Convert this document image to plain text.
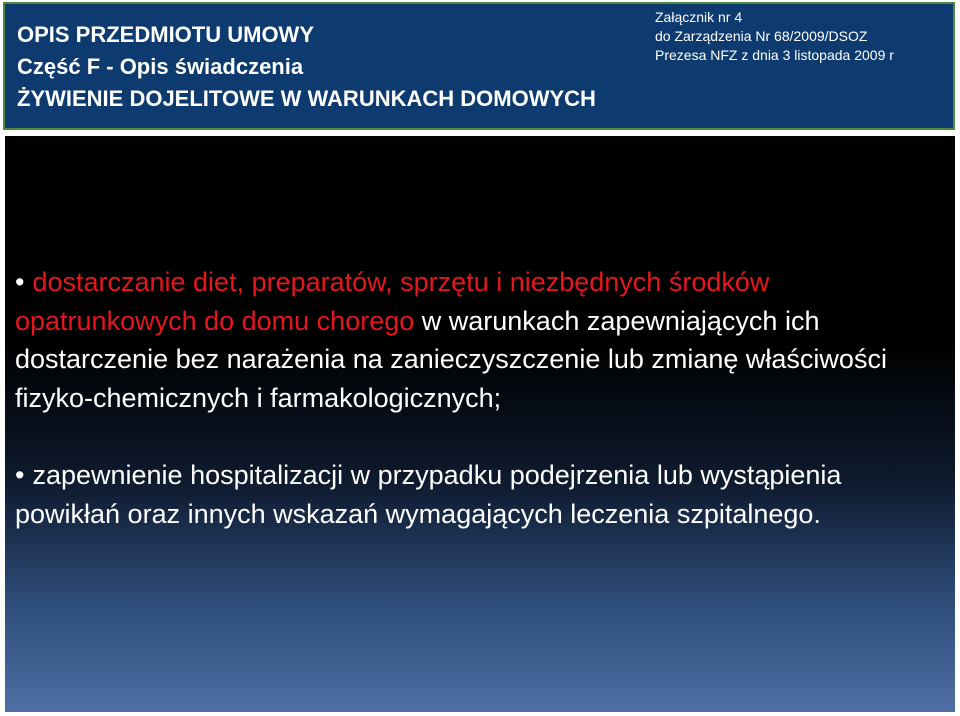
OPIS PRZEDMIOTU UMOWY
Część F - Opis świadczenia
ŻYWIENIE DOJELITOWE W WARUNKACH DOMOWYCH
Załącznik nr 4
do Zarządzenia Nr 68/2009/DSOZ
Prezesa NFZ z dnia 3 listopada 2009 r
• dostarczanie diet, preparatów, sprzętu i niezbędnych środków opatrunkowych do domu chorego w warunkach zapewniających ich dostarczenie bez narażenia na zanieczyszczenie lub zmianę właściwości fizyko-chemicznych i farmakologicznych;
• zapewnienie hospitalizacji w przypadku podejrzenia lub wystąpienia powikłań oraz innych wskazań wymagających leczenia szpitalnego.
